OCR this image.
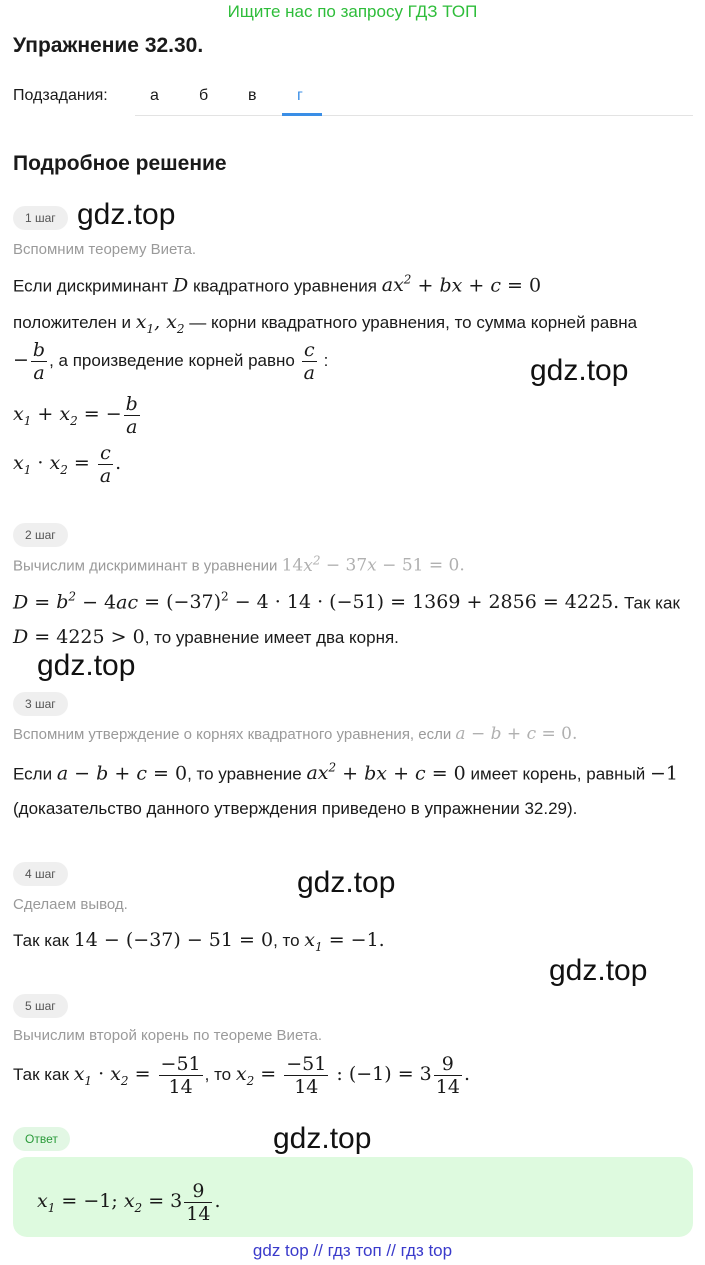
Ищите нас по запросу ГДЗ ТОП
Упражнение 32.30.
Подзадания:	а	б в	г
Подробное решение
1 шаг gdz.top
Вспомним теорему Виета.
Если дискриминант D квадратного уравнения $ax^2$ + bx + c = 0
положителен и $x_1$, $x_2$ — корни квадратного уравнения, то сумма корней равна
− $\frac{b}{a}$ , а произведение корней равно $\frac{c}{a}$ :	gdz.top
$x_1 + x_2$ = − $\frac{b}{a}$
$x_1 \cdot x_2 = \frac{c}{a}$ .
2 шаг
Вычислим дискриминант в уравнении $14x^2 - 37x - 51 = 0$.
$D = b^2 - 4ac = (-37)^2 - 4 \cdot 14 \cdot (-51) = 1369 + 2856 = 4225$. Так как
D = 4225 > 0, то уравнение имеет два корня.
gdz.top
3 шаг
Вспомним утверждение о корнях квадратного уравнения, если a − b + c = 0.
Если a − b + c = 0, то уравнение $ax^2$ + bx + c = 0 имеет корень, равный −1
(доказательство данного утверждения приведено в упражнении 32.29).
4 шаг	gdz.top
Сделаем вывод.
Так как 14 − (−37) − 51 = 0, то $x_1 = -1$.
gdz.top
5 шаг
Вычислим второй корень по теореме Виета.
Так как $x_1 \cdot x_2 = \frac{-51}{14}$ , то $x_2 = \frac{-51}{14}$ : $(-1) = 3 \frac{9}{14}$ .
Ответ	gdz.top
$x_1 = -1$; $x_2 = 3 \frac{9}{14}$ .
gdz top // гдз топ // гдз top
